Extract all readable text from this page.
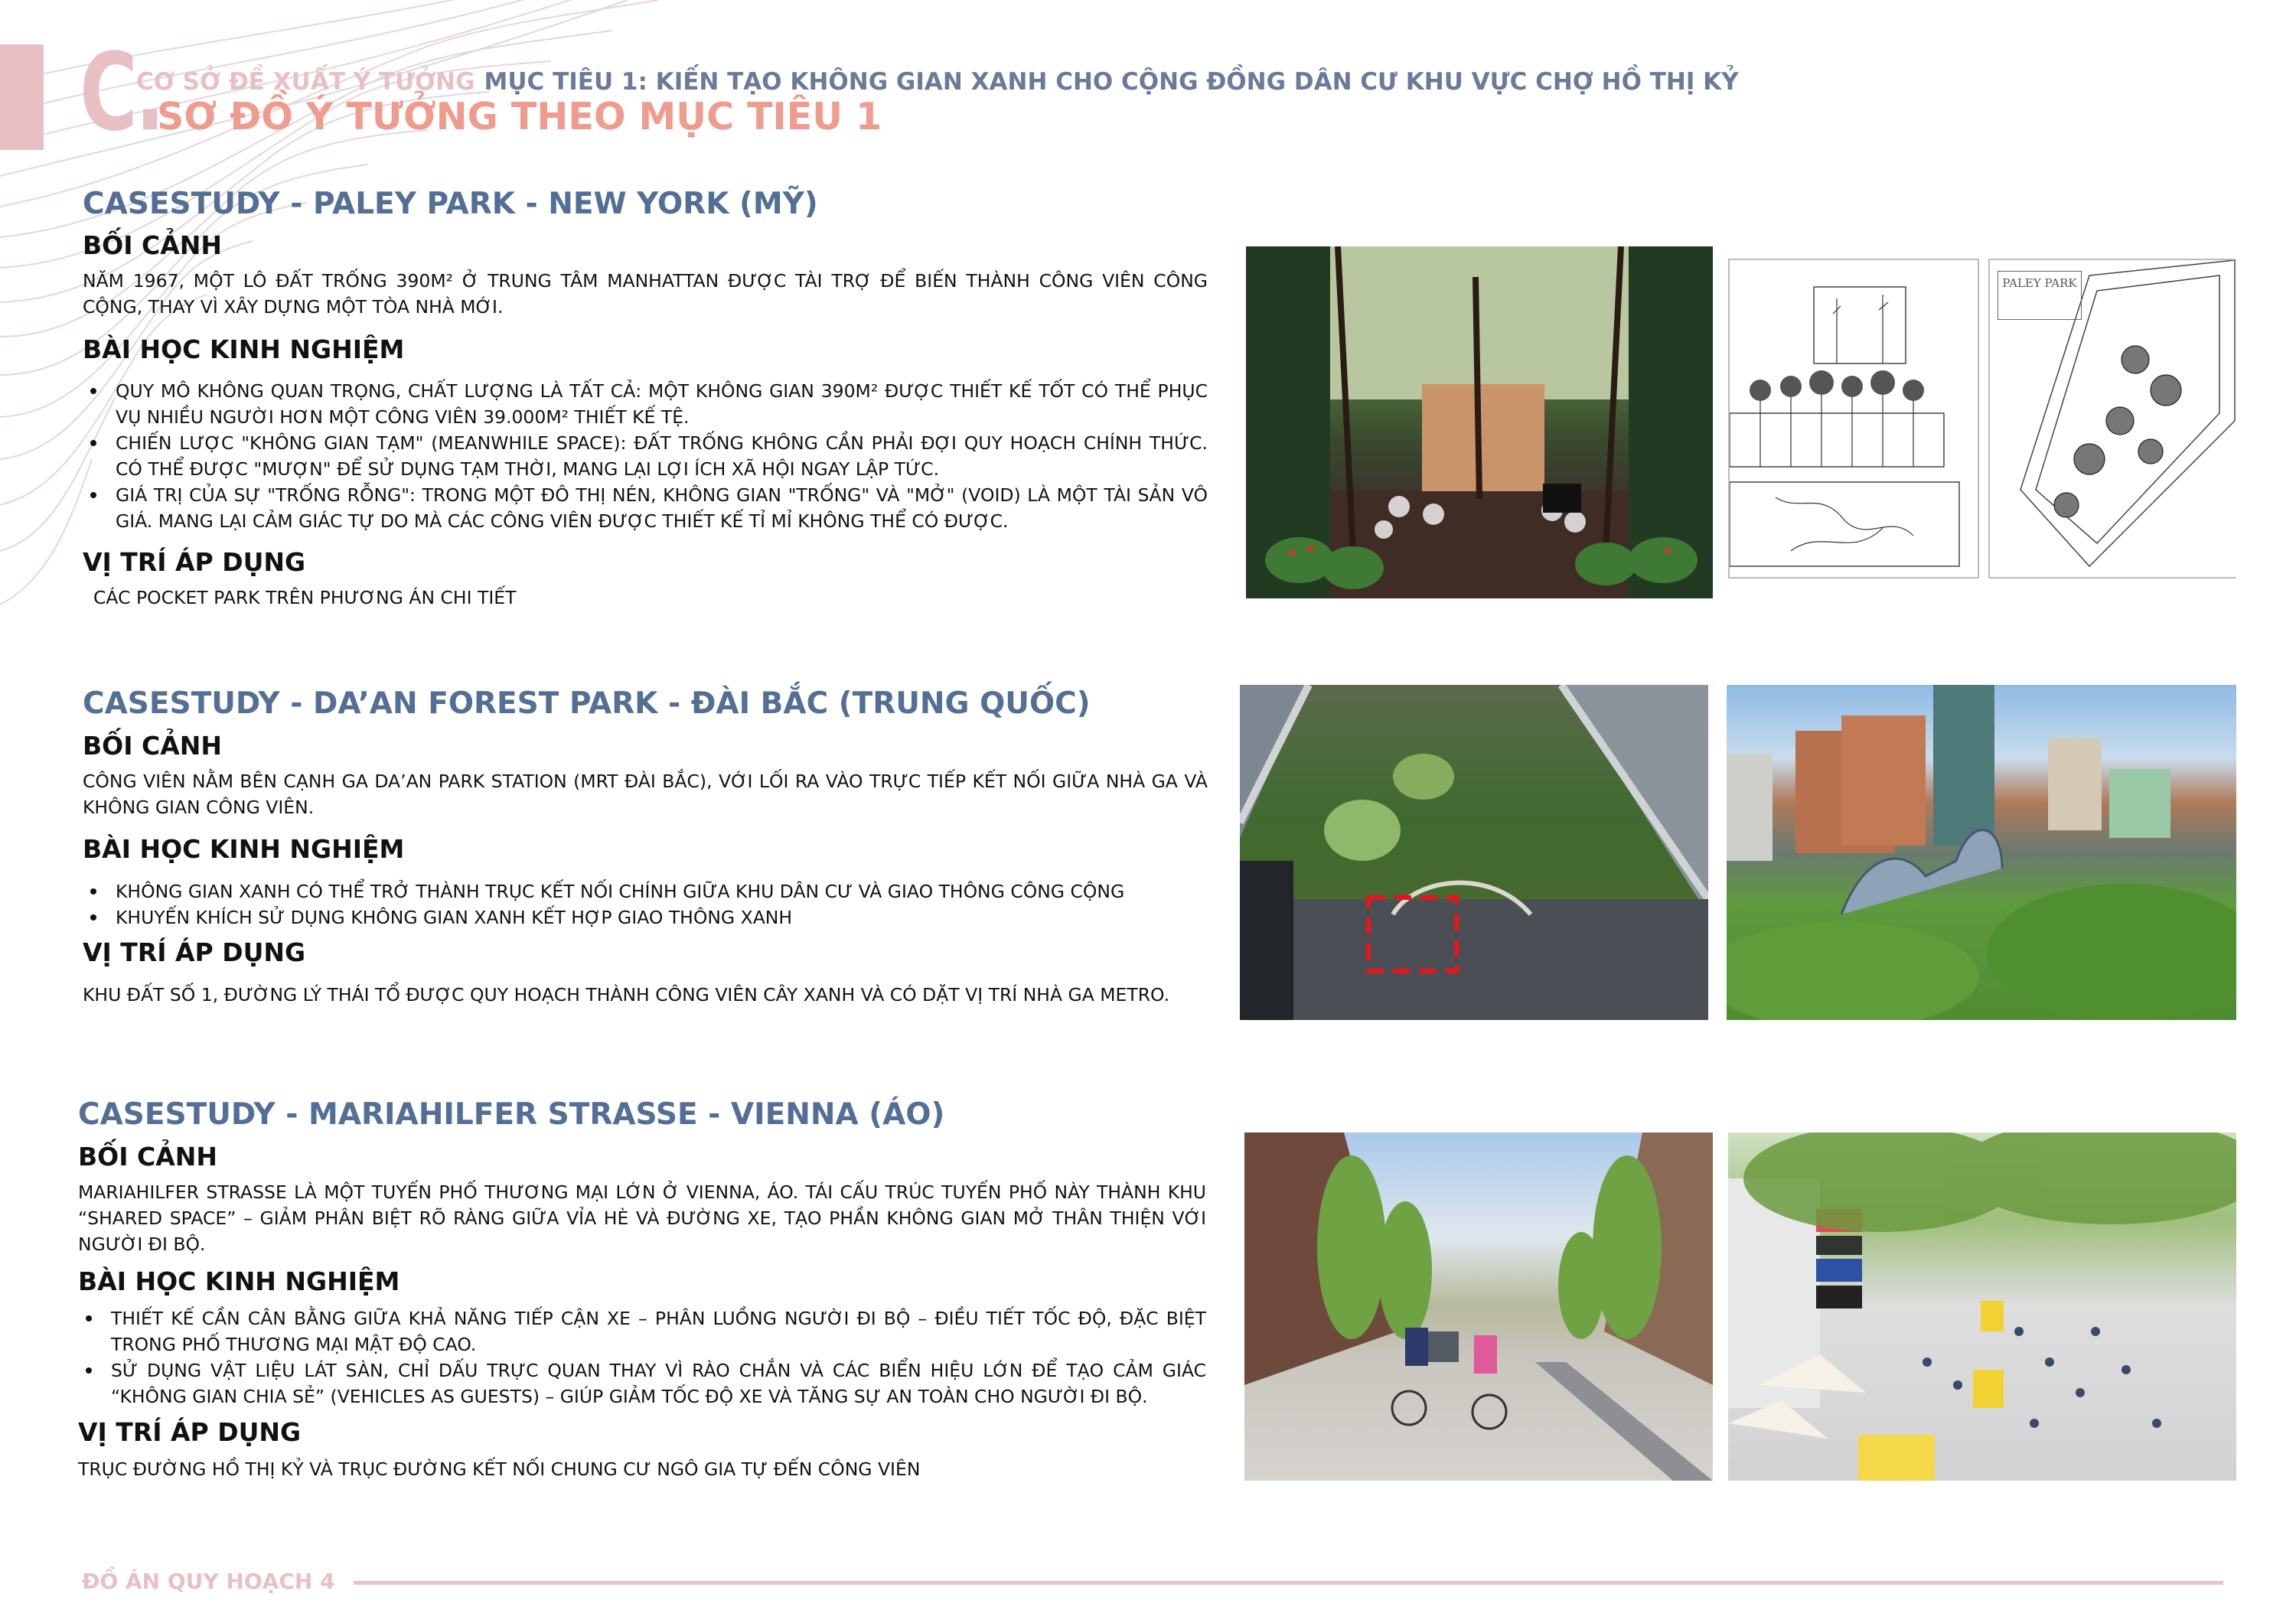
C.
CƠ SỞ ĐỀ XUẤT Ý TƯỞNG MỤC TIÊU 1: KIẾN TẠO KHÔNG GIAN XANH CHO CỘNG ĐỒNG DÂN CƯ KHU VỰC CHỢ HỒ THỊ KỶ
SƠ ĐỒ Ý TƯỞNG THEO MỤC TIÊU 1
CASESTUDY - PALEY PARK - NEW YORK (MỸ)
BỐI CẢNH
NĂM 1967, MỘT LÔ ĐẤT TRỐNG 390M² Ở TRUNG TÂM MANHATTAN ĐƯỢC TÀI TRỢ ĐỂ BIẾN THÀNH CÔNG VIÊN CÔNG CỘNG, THAY VÌ XÂY DỰNG MỘT TÒA NHÀ MỚI.
BÀI HỌC KINH NGHIỆM
QUY MÔ KHÔNG QUAN TRỌNG, CHẤT LƯỢNG LÀ TẤT CẢ: MỘT KHÔNG GIAN 390M² ĐƯỢC THIẾT KẾ TỐT CÓ THỂ PHỤC VỤ NHIỀU NGƯỜI HƠN MỘT CÔNG VIÊN 39.000M² THIẾT KẾ TỆ.
CHIẾN LƯỢC "KHÔNG GIAN TẠM" (MEANWHILE SPACE): ĐẤT TRỐNG KHÔNG CẦN PHẢI ĐỢI QUY HOẠCH CHÍNH THỨC. CÓ THỂ ĐƯỢC "MƯỢN" ĐỂ SỬ DỤNG TẠM THỜI, MANG LẠI LỢI ÍCH XÃ HỘI NGAY LẬP TỨC.
GIÁ TRỊ CỦA SỰ "TRỐNG RỖNG": TRONG MỘT ĐÔ THỊ NÉN, KHÔNG GIAN "TRỐNG" VÀ "MỞ" (VOID) LÀ MỘT TÀI SẢN VÔ GIÁ. MANG LẠI CẢM GIÁC TỰ DO MÀ CÁC CÔNG VIÊN ĐƯỢC THIẾT KẾ TỈ MỈ KHÔNG THỂ CÓ ĐƯỢC.
VỊ TRÍ ÁP DỤNG
CÁC POCKET PARK TRÊN PHƯƠNG ÁN CHI TIẾT
PALEY PARK
CASESTUDY - DA’AN FOREST PARK - ĐÀI BẮC (TRUNG QUỐC)
BỐI CẢNH
CÔNG VIÊN NẰM BÊN CẠNH GA DA’AN PARK STATION (MRT ĐÀI BẮC), VỚI LỐI RA VÀO TRỰC TIẾP KẾT NỐI GIỮA NHÀ GA VÀ KHÔNG GIAN CÔNG VIÊN.
BÀI HỌC KINH NGHIỆM
KHÔNG GIAN XANH CÓ THỂ TRỞ THÀNH TRỤC KẾT NỐI CHÍNH GIỮA KHU DÂN CƯ VÀ GIAO THÔNG CÔNG CỘNG
KHUYẾN KHÍCH SỬ DỤNG KHÔNG GIAN XANH KẾT HỢP GIAO THÔNG XANH
VỊ TRÍ ÁP DỤNG
KHU ĐẤT SỐ 1, ĐƯỜNG LÝ THÁI TỔ ĐƯỢC QUY HOẠCH THÀNH CÔNG VIÊN CÂY XANH VÀ CÓ DẶT VỊ TRÍ NHÀ GA METRO.
CASESTUDY - MARIAHILFER STRASSE - VIENNA (ÁO)
BỐI CẢNH
MARIAHILFER STRASSE LÀ MỘT TUYẾN PHỐ THƯƠNG MẠI LỚN Ở VIENNA, ÁO. TÁI CẤU TRÚC TUYẾN PHỐ NÀY THÀNH KHU “SHARED SPACE” – GIẢM PHÂN BIỆT RÕ RÀNG GIỮA VỈA HÈ VÀ ĐƯỜNG XE, TẠO PHẦN KHÔNG GIAN MỞ THÂN THIỆN VỚI NGƯỜI ĐI BỘ.
BÀI HỌC KINH NGHIỆM
THIẾT KẾ CẦN CÂN BẰNG GIỮA KHẢ NĂNG TIẾP CẬN XE – PHÂN LUỒNG NGƯỜI ĐI BỘ – ĐIỀU TIẾT TỐC ĐỘ, ĐẶC BIỆT TRONG PHỐ THƯƠNG MẠI MẬT ĐỘ CAO.
SỬ DỤNG VẬT LIỆU LÁT SÀN, CHỈ DẤU TRỰC QUAN THAY VÌ RÀO CHẮN VÀ CÁC BIỂN HIỆU LỚN ĐỂ TẠO CẢM GIÁC “KHÔNG GIAN CHIA SẺ” (VEHICLES AS GUESTS) – GIÚP GIẢM TỐC ĐỘ XE VÀ TĂNG SỰ AN TOÀN CHO NGƯỜI ĐI BỘ.
VỊ TRÍ ÁP DỤNG
TRỤC ĐƯỜNG HỒ THỊ KỶ VÀ TRỤC ĐƯỜNG KẾT NỐI CHUNG CƯ NGÔ GIA TỰ ĐẾN CÔNG VIÊN
ĐỒ ÁN QUY HOẠCH 4
